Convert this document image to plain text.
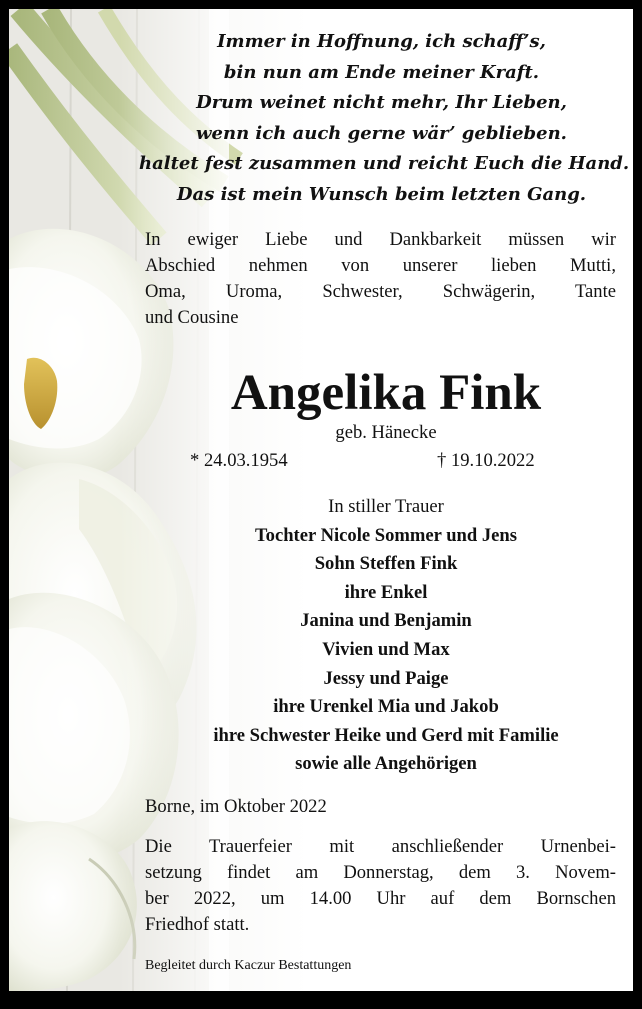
Immer in Hoffnung, ich schaff’s,
bin nun am Ende meiner Kraft.
Drum weinet nicht mehr, Ihr Lieben,
wenn ich auch gerne wär’ geblieben.
haltet fest zusammen und reicht Euch die Hand.
Das ist mein Wunsch beim letzten Gang.
In ewiger Liebe und Dankbarkeit müssen wir
Abschied nehmen von unserer lieben Mutti,
Oma, Uroma, Schwester, Schwägerin, Tante
und Cousine
Angelika Fink
geb. Hänecke
* 24.03.1954	† 19.10.2022
In stiller Trauer
Tochter Nicole Sommer und Jens
Sohn Steffen Fink
ihre Enkel
Janina und Benjamin
Vivien und Max
Jessy und Paige
ihre Urenkel Mia und Jakob
ihre Schwester Heike und Gerd mit Familie
sowie alle Angehörigen
Borne, im Oktober 2022
Die Trauerfeier mit anschließender Urnenbei-
setzung findet am Donnerstag, dem 3. Novem-
ber 2022, um 14.00 Uhr auf dem Bornschen
Friedhof statt.
Begleitet durch Kaczur Bestattungen
